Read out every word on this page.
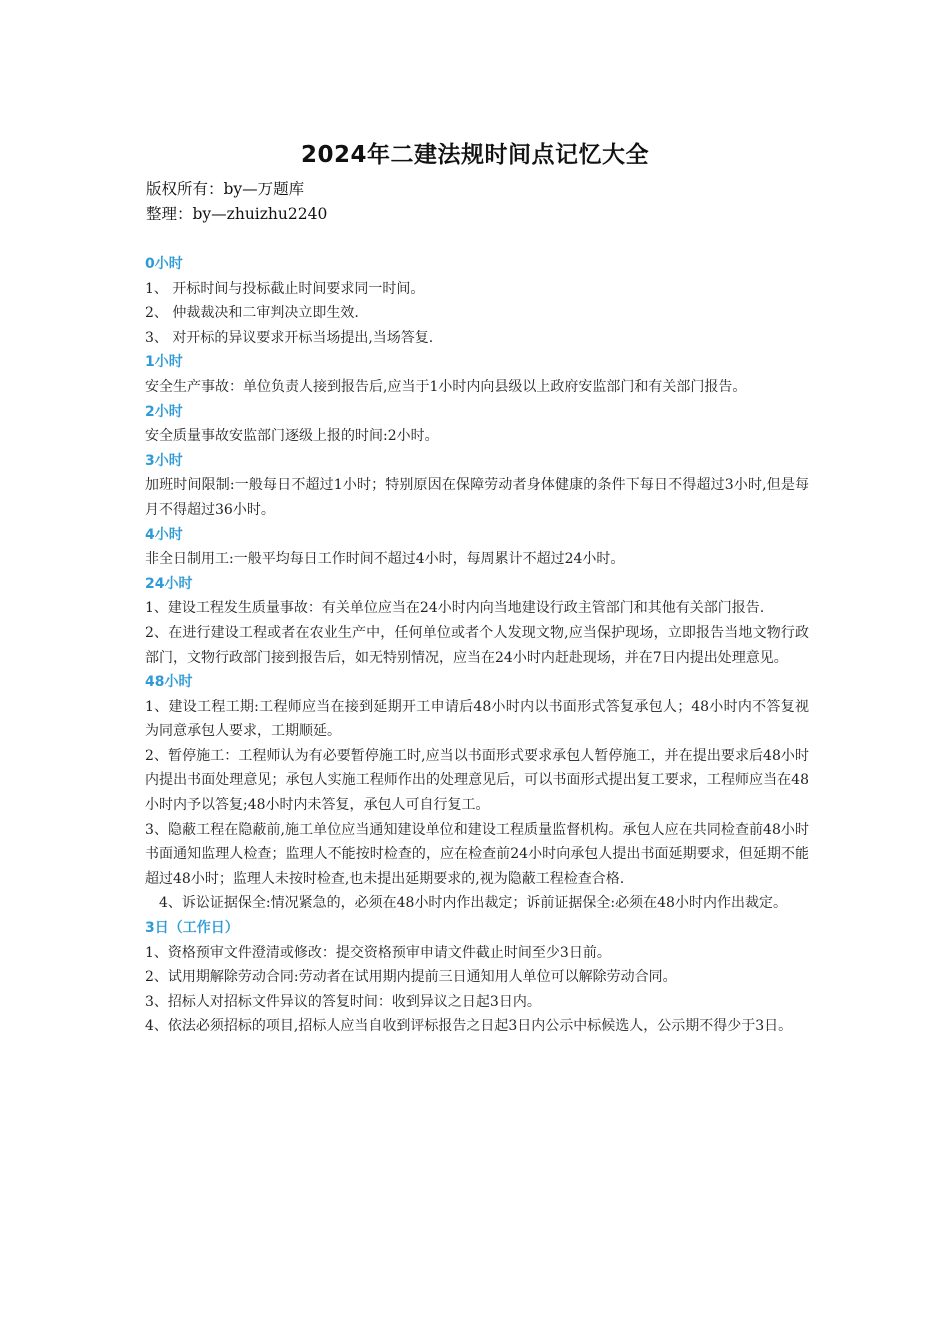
2024年二建法规时间点记忆大全
版权所有：by—万题库
整理：by—zhuizhu2240
0小时
1、 开标时间与投标截止时间要求同一时间。
2、 仲裁裁决和二审判决立即生效.
3、 对开标的异议要求开标当场提出,当场答复.
1小时
安全生产事故：单位负责人接到报告后,应当于1小时内向县级以上政府安监部门和有关部门报告。
2小时
安全质量事故安监部门逐级上报的时间:2小时。
3小时
加班时间限制:一般每日不超过1小时；特别原因在保障劳动者身体健康的条件下每日不得超过3小时,但是每月不得超过36小时。
4小时
非全日制用工:一般平均每日工作时间不超过4小时，每周累计不超过24小时。
24小时
1、建设工程发生质量事故：有关单位应当在24小时内向当地建设行政主管部门和其他有关部门报告.
2、在进行建设工程或者在农业生产中，任何单位或者个人发现文物,应当保护现场，立即报告当地文物行政部门，文物行政部门接到报告后，如无特别情况，应当在24小时内赶赴现场，并在7日内提出处理意见。
48小时
1、建设工程工期:工程师应当在接到延期开工申请后48小时内以书面形式答复承包人；48小时内不答复视为同意承包人要求，工期顺延。
2、暂停施工：工程师认为有必要暂停施工时,应当以书面形式要求承包人暂停施工，并在提出要求后48小时内提出书面处理意见；承包人实施工程师作出的处理意见后，可以书面形式提出复工要求，工程师应当在48小时内予以答复;48小时内未答复，承包人可自行复工。
3、隐蔽工程在隐蔽前,施工单位应当通知建设单位和建设工程质量监督机构。承包人应在共同检查前48小时书面通知监理人检查；监理人不能按时检查的，应在检查前24小时向承包人提出书面延期要求，但延期不能超过48小时；监理人未按时检查,也未提出延期要求的,视为隐蔽工程检查合格.
4、诉讼证据保全:情况紧急的，必须在48小时内作出裁定；诉前证据保全:必须在48小时内作出裁定。
3日（工作日）
1、资格预审文件澄清或修改：提交资格预审申请文件截止时间至少3日前。
2、试用期解除劳动合同:劳动者在试用期内提前三日通知用人单位可以解除劳动合同。
3、招标人对招标文件异议的答复时间：收到异议之日起3日内。
4、依法必须招标的项目,招标人应当自收到评标报告之日起3日内公示中标候选人，公示期不得少于3日。
